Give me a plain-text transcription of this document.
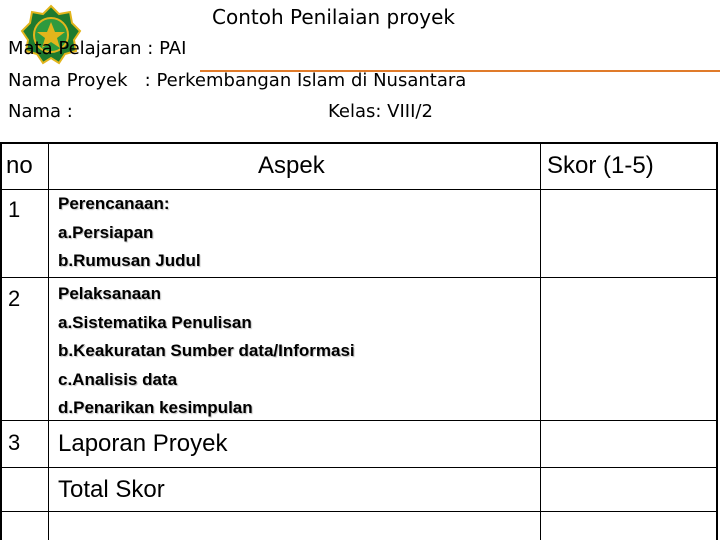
Contoh Penilaian proyek
Mata Pelajaran : PAI
Nama Proyek   : Perkembangan Islam di Nusantara
Nama :	Kelas: VIII/2
no	Aspek	Skor (1-5)
1 Perencanaan:
a.Persiapan
b.Rumusan Judul
2 Pelaksanaan
a.Sistematika Penulisan
b.Keakuratan Sumber data/Informasi
c.Analisis data
d.Penarikan kesimpulan
3 Laporan Proyek
Total Skor
